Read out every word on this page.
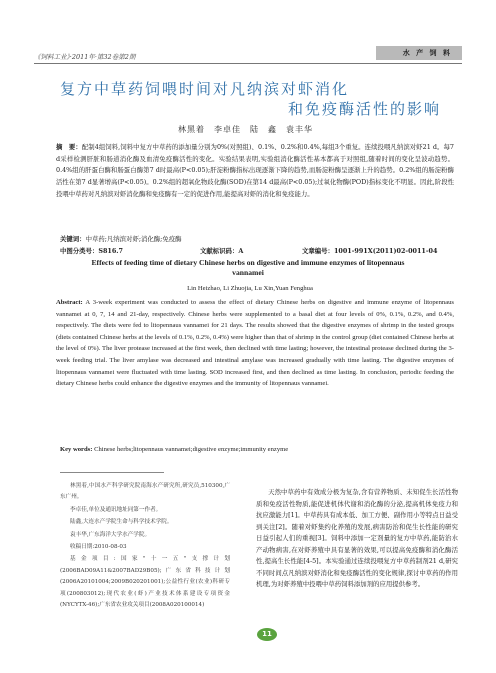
《饲料工业》·2011年·第32卷第2期	水 产 饲 料
复方中草药饲喂时间对凡纳滨对虾消化
和免疫酶活性的影响
林黑着　李卓佳　陆　鑫　袁丰华
摘　要：配制4组饲料,饲料中复方中草药的添加量分别为0%(对照组)、0.1%、0.2%和0.4%,每组3个重复。连续投喂凡纳滨对虾21 d。每7 d采样检测肝脏和肠道消化酶及血清免疫酶活性的变化。实验结果表明,实验组消化酶活性基本都高于对照组,随着时间的变化呈波动趋势。0.4%组的肝蛋白酶和肠蛋白酶第7 d时最高(P<0.05);肝淀粉酶指标出现逐渐下降的趋势,而肠淀粉酶呈逐渐上升的趋势。0.2%组的肠淀粉酶活性在第7 d显著增高(P<0.05)。0.2%组的超氧化物歧化酶(SOD)在第14 d最高(P<0.05);过氧化物酶(POD)指标变化不明显。因此,阶段性投喂中草药对凡纳滨对虾消化酶和免疫酶有一定的促进作用,能提高对虾的消化和免疫能力。
关键词：中草药;凡纳滨对虾;消化酶;免疫酶
中图分类号：S816.7	文献标识码：A	文章编号：1001-991X(2011)02-0011-04
Effects of feeding time of dietary Chinese herbs on digestive and immune enzymes of litopennaus vannamei
Lin Heizhao, Li Zhuojia, Lu Xin,Yuan Fenghua
Abstract: A 3-week experiment was conducted to assess the effect of dietary Chinese herbs on digestive and immune enzyme of litopennaus vannamei at 0, 7, 14 and 21-day, respectively. Chinese herbs were supplemented to a basal diet at four levels of 0%, 0.1%, 0.2%, and 0.4%, respectively. The diets were fed to litopennaus vannamei for 21 days. The results showed that the digestive enzymes of shrimp in the tested groups (diets contained Chinese herbs at the levels of 0.1%, 0.2%, 0.4%) were higher than that of shrimp in the control group (diet contained Chinese herbs at the level of 0%). The liver protease increased at the first week, then declined with time lasting; however, the intestinal protease declined during the 3-week feeding trial. The liver amylase was decreased and intestinal amylase was increased gradually with time lasting. The digestive enzymes of litopennaus vannamei were fluctuated with time lasting. SOD increased first, and then declined as time lasting. In conclusion, periodic feeding the dietary Chinese herbs could enhance the digestive enzymes and the immunity of litopennaus vannamei.
Key words: Chinese herbs;litopennaus vannamei;digestive enzyme;immunity enzyme

林黑着,中国水产科学研究院南海水产研究所,研究员,510300,广东广州。

李卓佳,单位及通讯地址同第一作者。

陆鑫,大连水产学院生命与科学技术学院。

袁丰华,广东海洋大学水产学院。

收稿日期:2010-08-03

基金项目:国家"十一五"支撑计划(2006BAD09A11&2007BAD29B05);广东省科技计划(2006A20101004;2009B020201001);公益性行业(农业)科研专项(200803012);现代农业(虾)产业技术体系建设专项资金(NYCYTX-46);广东省农业攻关项目(2008A020100014)

天然中草药中有效成分极为复杂,含有营养物质、未知促生长活性物质和免疫活性物质,能促进机体代谢和消化酶的分泌,提高机体免疫力和抗应激能力[1]。中草药具有成本低、加工方便、副作用小等特点日益受到关注[2]。随着对虾集约化养殖的发展,病害防治和促生长性能的研究日益引起人们的重视[3]。饲料中添加一定剂量的复方中草药,能防治水产动物病害,在对虾养殖中具有显著的效果,可以提高免疫酶和消化酶活性,提高生长性能[4-5]。本实验通过连续投喂复方中草药制剂21 d,研究不同时间点凡纳滨对虾消化和免疫酶活性的变化规律,探讨中草药的作用机理,为对虾养殖中投喂中草药饲料添加剂的应用提供参考。
11
